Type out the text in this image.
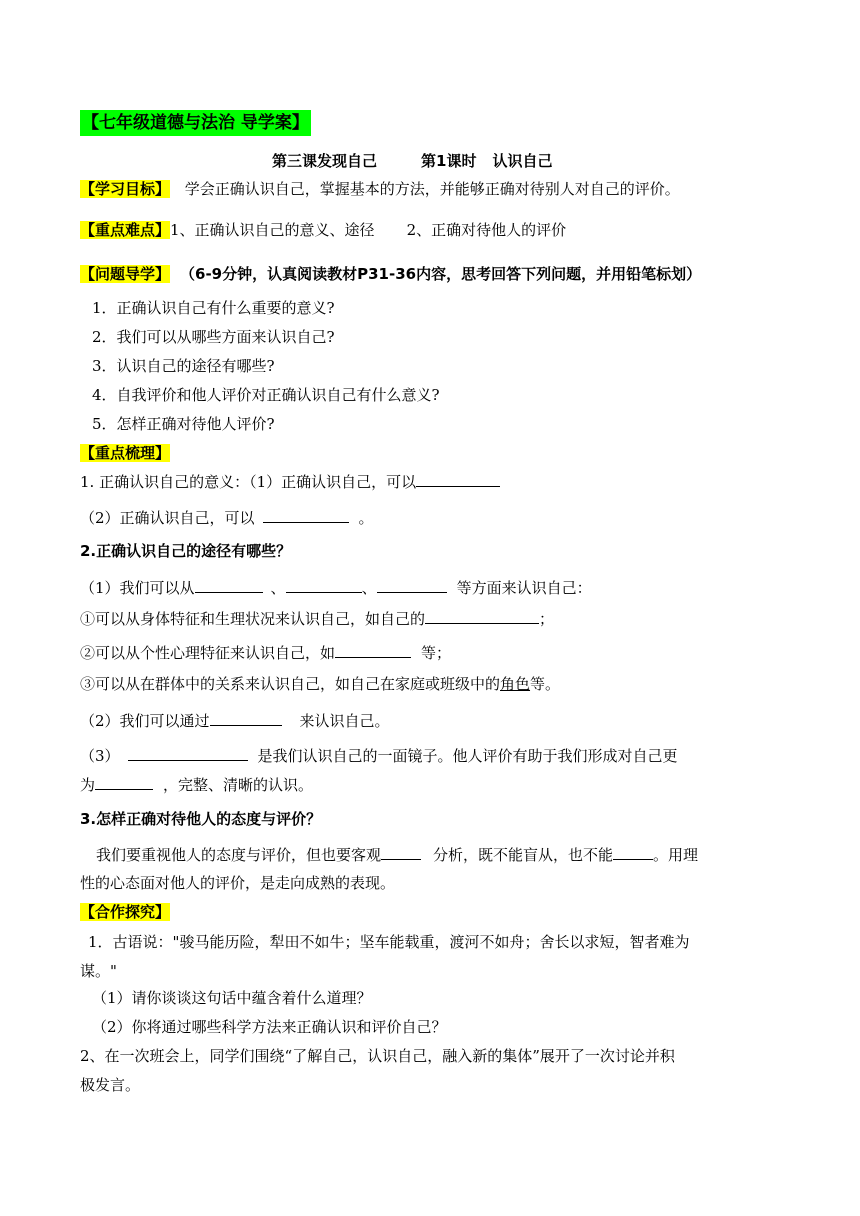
【七年级道德与法治 导学案】
第三课发现自己	第1课时 认识自己
【学习目标】 学会正确认识自己，掌握基本的方法，并能够正确对待别人对自己的评价。
【重点难点】1、正确认识自己的意义、途径 2、正确对待他人的评价
【问题导学】 （6-9分钟，认真阅读教材P31-36内容，思考回答下列问题，并用铅笔标划）
1．正确认识自己有什么重要的意义?
2．我们可以从哪些方面来认识自己?
3．认识自己的途径有哪些?
4．自我评价和他人评价对正确认识自己有什么意义?
5．怎样正确对待他人评价?
【重点梳理】
1. 正确认识自己的意义：（1）正确认识自己，可以
（2）正确认识自己，可以	。
2.正确认识自己的途径有哪些？
（1）我们可以从	、	、	等方面来认识自己：
①可以从身体特征和生理状况来认识自己，如自己的	；
②可以从个性心理特征来认识自己，如	等；
③可以从在群体中的关系来认识自己，如自己在家庭或班级中的角色等。
（2）我们可以通过	来认识自己。
（3）	是我们认识自己的一面镜子。他人评价有助于我们形成对自己更
为	，完整、清晰的认识。
3.怎样正确对待他人的态度与评价？
我们要重视他人的态度与评价，但也要客观	分析，既不能盲从，也不能	。用理
性的心态面对他人的评价，是走向成熟的表现。
【合作探究】
1．古语说："骏马能历险，犁田不如牛；坚车能载重，渡河不如舟；舍长以求短，智者难为
谋。"
（1）请你谈谈这句话中蕴含着什么道理？
（2）你将通过哪些科学方法来正确认识和评价自己？
2、在一次班会上，同学们围绕“了解自己，认识自己，融入新的集体”展开了一次讨论并积
极发言。
